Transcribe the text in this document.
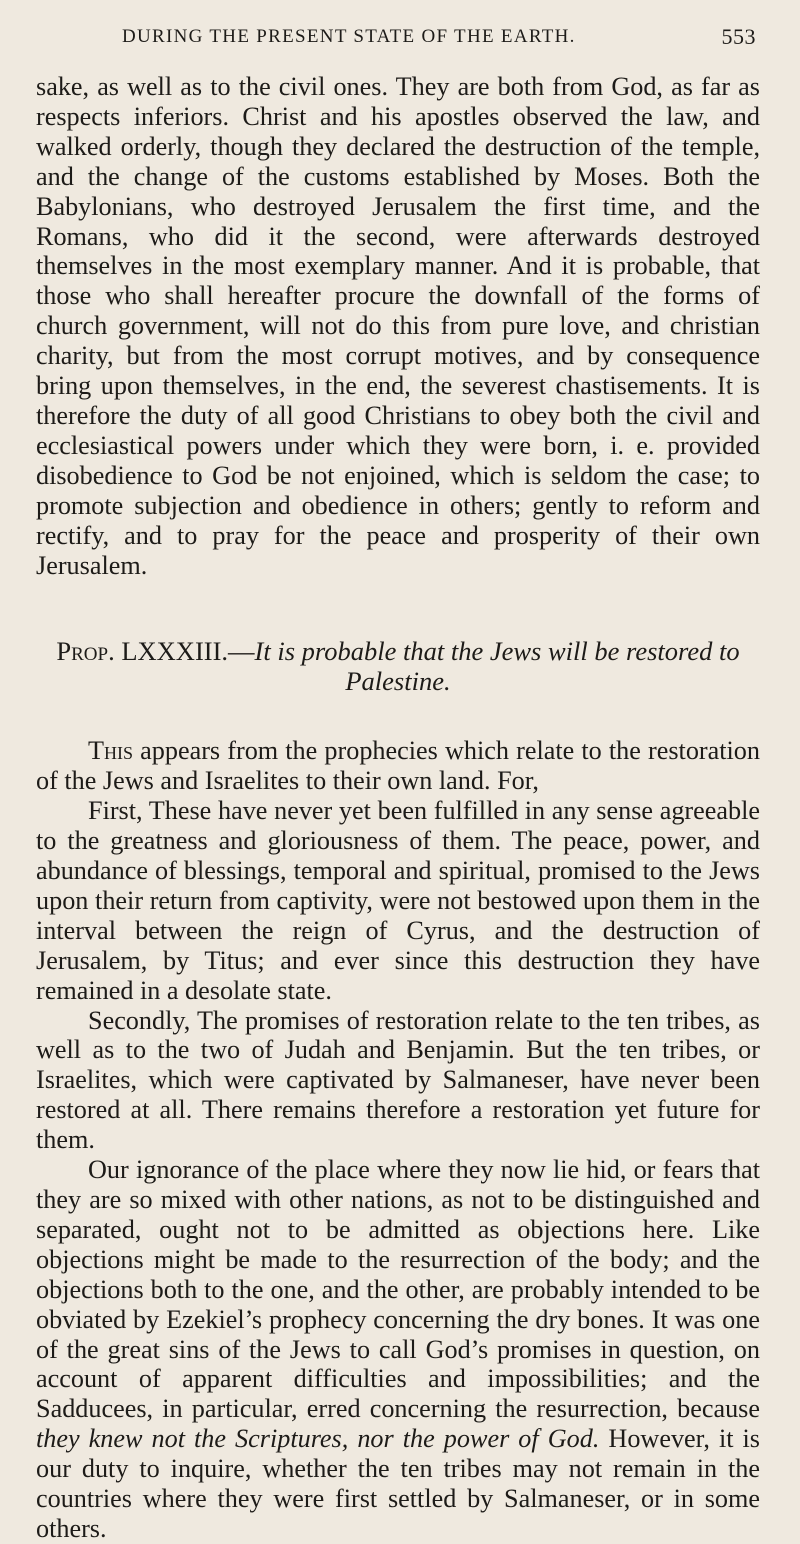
DURING THE PRESENT STATE OF THE EARTH.	553

sake, as well as to the civil ones. They are both from God, as far as respects inferiors. Christ and his apostles observed the law, and walked orderly, though they declared the destruction of the temple, and the change of the customs established by Moses. Both the Babylonians, who destroyed Jerusalem the first time, and the Romans, who did it the second, were afterwards destroyed themselves in the most exemplary manner. And it is probable, that those who shall hereafter procure the downfall of the forms of church government, will not do this from pure love, and christian charity, but from the most corrupt motives, and by consequence bring upon themselves, in the end, the severest chastisements. It is therefore the duty of all good Christians to obey both the civil and ecclesiastical powers under which they were born, i. e. provided disobedience to God be not enjoined, which is seldom the case; to promote subjection and obedience in others; gently to reform and rectify, and to pray for the peace and prosperity of their own Jerusalem.

Prop. LXXXIII.—It is probable that the Jews will be restored to Palestine.

This appears from the prophecies which relate to the restoration of the Jews and Israelites to their own land. For,

First, These have never yet been fulfilled in any sense agreeable to the greatness and gloriousness of them. The peace, power, and abundance of blessings, temporal and spiritual, promised to the Jews upon their return from captivity, were not bestowed upon them in the interval between the reign of Cyrus, and the destruction of Jerusalem, by Titus; and ever since this destruction they have remained in a desolate state.

Secondly, The promises of restoration relate to the ten tribes, as well as to the two of Judah and Benjamin. But the ten tribes, or Israelites, which were captivated by Salmaneser, have never been restored at all. There remains therefore a restoration yet future for them.

Our ignorance of the place where they now lie hid, or fears that they are so mixed with other nations, as not to be distinguished and separated, ought not to be admitted as objections here. Like objections might be made to the resurrection of the body; and the objections both to the one, and the other, are probably intended to be obviated by Ezekiel’s prophecy concerning the dry bones. It was one of the great sins of the Jews to call God’s promises in question, on account of apparent difficulties and impossibilities; and the Sadducees, in particular, erred concerning the resurrection, because they knew not the Scriptures, nor the power of God. However, it is our duty to inquire, whether the ten tribes may not remain in the countries where they were first settled by Salmaneser, or in some others.
